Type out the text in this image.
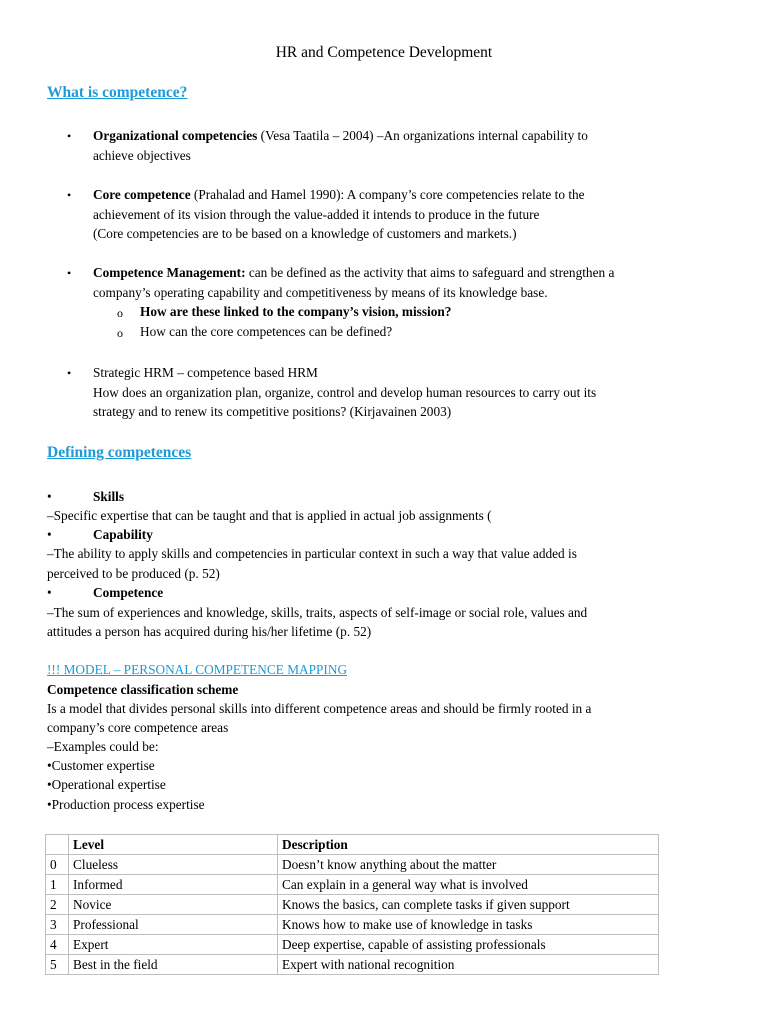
HR and Competence Development
What is competence?
• Organizational competencies (Vesa Taatila – 2004) –An organizations internal capability to
achieve objectives
• Core competence (Prahalad and Hamel 1990): A company’s core competencies relate to the
achievement of its vision through the value-added it intends to produce in the future
(Core competencies are to be based on a knowledge of customers and markets.)
• Competence Management: can be defined as the activity that aims to safeguard and strengthen a
company’s operating capability and competitiveness by means of its knowledge base.
o How are these linked to the company’s vision, mission?
o How can the core competences can be defined?
• Strategic HRM – competence based HRM
How does an organization plan, organize, control and develop human resources to carry out its
strategy and to renew its competitive positions? (Kirjavainen 2003)
Defining competences
•	Skills
–Specific expertise that can be taught and that is applied in actual job assignments (
•	Capability
–The ability to apply skills and competencies in particular context in such a way that value added is
perceived to be produced (p. 52)
•	Competence
–The sum of experiences and knowledge, skills, traits, aspects of self-image or social role, values and
attitudes a person has acquired during his/her lifetime (p. 52)
!!! MODEL – PERSONAL COMPETENCE MAPPING
Competence classification scheme
Is a model that divides personal skills into different competence areas and should be firmly rooted in a
company’s core competence areas
–Examples could be:
•Customer expertise
•Operational expertise
•Production process expertise
	Level	Description
0	Clueless	Doesn’t know anything about the matter
1	Informed	Can explain in a general way what is involved
2	Novice	Knows the basics, can complete tasks if given support
3	Professional	Knows how to make use of knowledge in tasks
4	Expert	Deep expertise, capable of assisting professionals
5	Best in the field	Expert with national recognition
